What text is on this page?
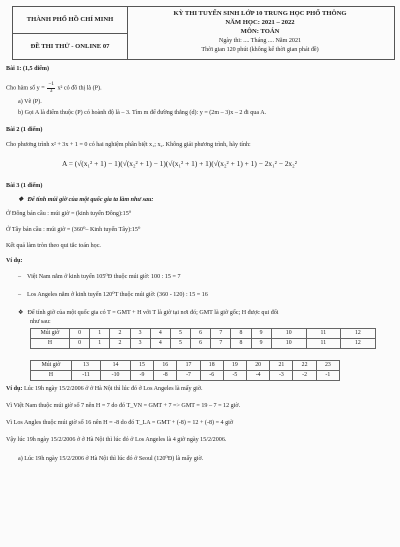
THÀNH PHỐ HỒ CHÍ MINH
ĐỀ THI THỬ - ONLINE 07
KỲ THI TUYỂN SINH LỚP 10 TRUNG HỌC PHỔ THÔNG
NĂM HỌC: 2021 – 2022
MÔN: TOÁN
Ngày thi: .... Tháng .... Năm 2021
Thời gian 120 phút (không kể thời gian phát đề)
Bài 1: (1,5 điểm)
Cho hàm số $y = \frac{-1}{3} x^2$ có đồ thị là (P).
a) Vẽ (P).
b) Gọi A là điểm thuộc (P) có hoành độ là – 3. Tìm m để đường thẳng (d): y = (2m – 3)x – 2 đi qua A.
Bài 2 (1 điểm)
Cho phương trình x² + 3x + 1 = 0 có hai nghiệm phân biệt x₁; x₂. Không giải phương trình, hãy tính:
A = (√(x₁² + 1) − 1)(√(x₂² + 1) − 1)(√(x₁² + 1) + 1)(√(x₂² + 1) + 1) − 2x₁² − 2x₂²
Bài 3 (1 điểm)
❖ Để tính múi giờ của một quốc gia ta làm như sau:
Ở Đông bán cầu : múi giờ = (kinh tuyến Đông):15⁰
Ở Tây bán cầu : múi giờ = (360⁰– Kinh tuyến Tây):15⁰
Kết quả làm tròn theo qui tắc toán học.
Ví dụ:
– Việt Nam nằm ở kinh tuyến 105⁰Đ thuộc múi giờ: 100 : 15 = 7
– Los Angeles nằm ở kinh tuyến 120⁰T thuộc múi giờ: (360 - 120) : 15 = 16
❖ Để tính giờ của một quốc gia có T = GMT + H với T là giờ tại nơi đó; GMT là giờ gốc; H được qui đổi
như sau:
Múi giờ	0	1	2	3	4	5	6	7	8	9	10	11	12
H	0	1	2	3	4	5	6	7	8	9	10	11	12
Múi giờ	13	14	15	16	17	18	19	20	21	22	23
H	-11	-10	-9	-8	-7	-6	-5	-4	-3	-2	-1
Ví dụ: Lúc 19h ngày 15/2/2006 ở ở Hà Nội thì lúc đó ở Los Angeles là mấy giờ.
Vì Việt Nam thuộc múi giờ số 7 nên H = 7 do đó T_VN = GMT + 7 => GMT = 19 – 7 = 12 giờ.
Vì Los Angles thuộc múi giờ số 16 nên H = -8 do đó T_LA = GMT + (-8) = 12 + (-8) = 4 giờ
Vậy lúc 19h ngày 15/2/2006 ở ở Hà Nội thì lúc đó ở Los Angeles là 4 giờ ngày 15/2/2006.
a) Lúc 19h ngày 15/2/2006 ở Hà Nội thì lúc đó ở Seoul (120⁰Đ) là mấy giờ.
